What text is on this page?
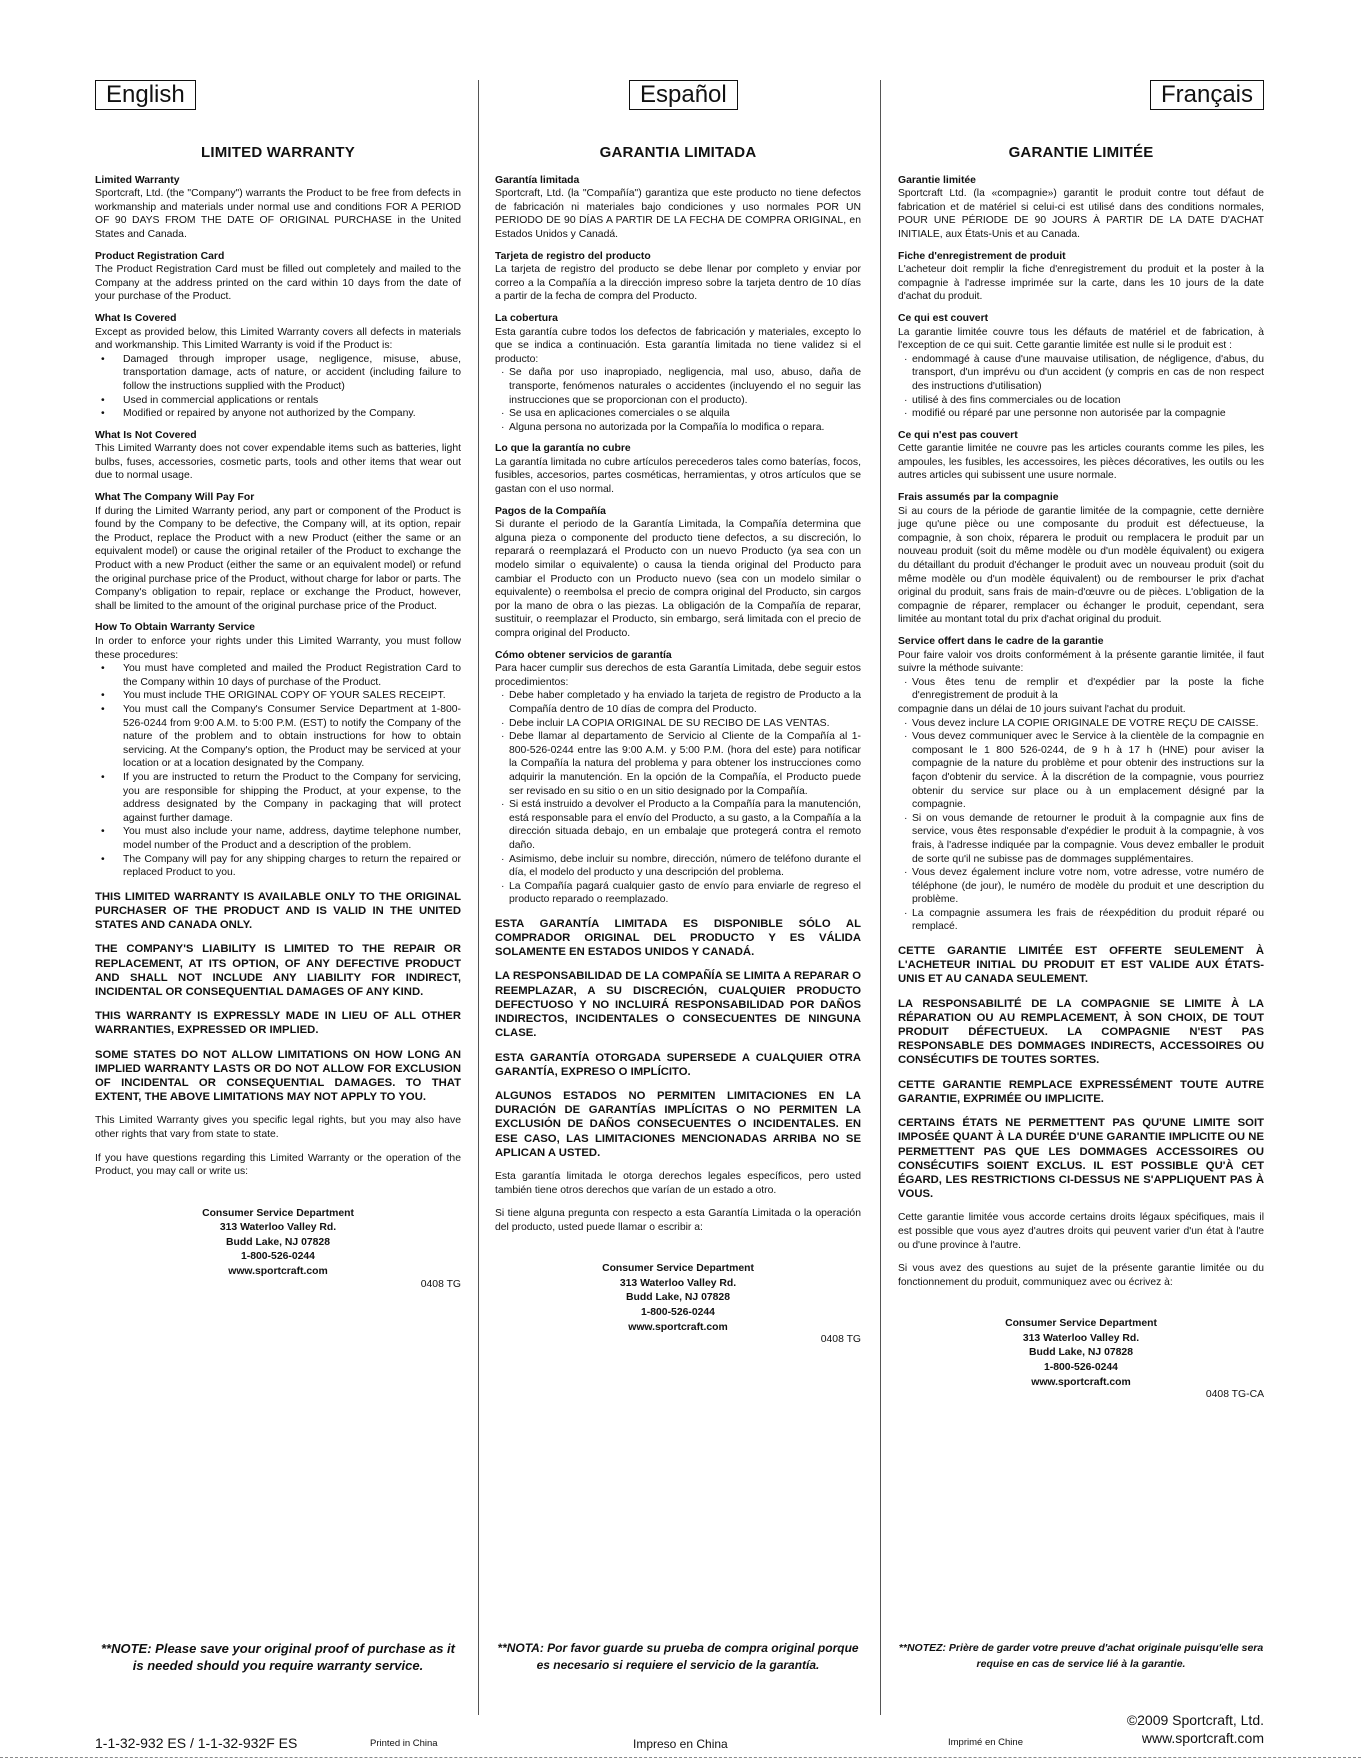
English
LIMITED WARRANTY
Limited Warranty
Sportcraft, Ltd. (the "Company") warrants the Product to be free from defects in workmanship and materials under normal use and conditions FOR A PERIOD OF 90 DAYS FROM THE DATE OF ORIGINAL PURCHASE in the United States and Canada.
Product Registration Card
The Product Registration Card must be filled out completely and mailed to the Company at the address printed on the card within 10 days from the date of your purchase of the Product.
What Is Covered
Except as provided below, this Limited Warranty covers all defects in materials and workmanship. This Limited Warranty is void if the Product is:
• Damaged through improper usage, negligence, misuse, abuse, transportation damage, acts of nature, or accident (including failure to follow the instructions supplied with the Product)
• Used in commercial applications or rentals
• Modified or repaired by anyone not authorized by the Company.
What Is Not Covered
This Limited Warranty does not cover expendable items such as batteries, light bulbs, fuses, accessories, cosmetic parts, tools and other items that wear out due to normal usage.
What The Company Will Pay For
If during the Limited Warranty period, any part or component of the Product is found by the Company to be defective, the Company will, at its option, repair the Product, replace the Product with a new Product (either the same or an equivalent model) or cause the original retailer of the Product to exchange the Product with a new Product (either the same or an equivalent model) or refund the original purchase price of the Product, without charge for labor or parts. The Company's obligation to repair, replace or exchange the Product, however, shall be limited to the amount of the original purchase price of the Product.
How To Obtain Warranty Service
In order to enforce your rights under this Limited Warranty, you must follow these procedures:
• You must have completed and mailed the Product Registration Card to the Company within 10 days of purchase of the Product.
• You must include THE ORIGINAL COPY OF YOUR SALES RECEIPT.
• You must call the Company's Consumer Service Department at 1-800-526-0244 from 9:00 A.M. to 5:00 P.M. (EST) to notify the Company of the nature of the problem and to obtain instructions for how to obtain servicing. At the Company's option, the Product may be serviced at your location or at a location designated by the Company.
• If you are instructed to return the Product to the Company for servicing, you are responsible for shipping the Product, at your expense, to the address designated by the Company in packaging that will protect against further damage.
• You must also include your name, address, daytime telephone number, model number of the Product and a description of the problem.
• The Company will pay for any shipping charges to return the repaired or replaced Product to you.
THIS LIMITED WARRANTY IS AVAILABLE ONLY TO THE ORIGINAL PURCHASER OF THE PRODUCT AND IS VALID IN THE UNITED STATES AND CANADA ONLY.
THE COMPANY'S LIABILITY IS LIMITED TO THE REPAIR OR REPLACEMENT, AT ITS OPTION, OF ANY DEFECTIVE PRODUCT AND SHALL NOT INCLUDE ANY LIABILITY FOR INDIRECT, INCIDENTAL OR CONSEQUENTIAL DAMAGES OF ANY KIND.
THIS WARRANTY IS EXPRESSLY MADE IN LIEU OF ALL OTHER WARRANTIES, EXPRESSED OR IMPLIED.
SOME STATES DO NOT ALLOW LIMITATIONS ON HOW LONG AN IMPLIED WARRANTY LASTS OR DO NOT ALLOW FOR EXCLUSION OF INCIDENTAL OR CONSEQUENTIAL DAMAGES. TO THAT EXTENT, THE ABOVE LIMITATIONS MAY NOT APPLY TO YOU.
This Limited Warranty gives you specific legal rights, but you may also have other rights that vary from state to state.
If you have questions regarding this Limited Warranty or the operation of the Product, you may call or write us:
Consumer Service Department
313 Waterloo Valley Rd.
Budd Lake, NJ 07828
1-800-526-0244
www.sportcraft.com
0408 TG
Español
GARANTIA LIMITADA
Garantía limitada
Sportcraft, Ltd. (la "Compañía") garantiza que este producto no tiene defectos de fabricación ni materiales bajo condiciones y uso normales POR UN PERIODO DE 90 DÍAS A PARTIR DE LA FECHA DE COMPRA ORIGINAL, en Estados Unidos y Canadá.
Tarjeta de registro del producto
La tarjeta de registro del producto se debe llenar por completo y enviar por correo a la Compañía a la dirección impreso sobre la tarjeta dentro de 10 días a partir de la fecha de compra del Producto.
La cobertura
Esta garantía cubre todos los defectos de fabricación y materiales, excepto lo que se indica a continuación. Esta garantía limitada no tiene validez si el producto:
· Se daña por uso inapropiado, negligencia, mal uso, abuso, daña de transporte, fenómenos naturales o accidentes (incluyendo el no seguir las instrucciones que se proporcionan con el producto).
· Se usa en aplicaciones comerciales o se alquila
· Alguna persona no autorizada por la Compañía lo modifica o repara.
Lo que la garantía no cubre
La garantía limitada no cubre artículos perecederos tales como baterías, focos, fusibles, accesorios, partes cosméticas, herramientas, y otros artículos que se gastan con el uso normal.
Pagos de la Compañía
Si durante el periodo de la Garantía Limitada, la Compañía determina que alguna pieza o componente del producto tiene defectos, a su discreción, lo reparará o reemplazará el Producto con un nuevo Producto (ya sea con un modelo similar o equivalente) o causa la tienda original del Producto para cambiar el Producto con un Producto nuevo (sea con un modelo similar o equivalente) o reembolsa el precio de compra original del Producto, sin cargos por la mano de obra o las piezas. La obligación de la Compañía de reparar, sustituir, o reemplazar el Producto, sin embargo, será limitada con el precio de compra original del Producto.
Cómo obtener servicios de garantía
Para hacer cumplir sus derechos de esta Garantía Limitada, debe seguir estos procedimientos:
· Debe haber completado y ha enviado la tarjeta de registro de Producto a la Compañía dentro de 10 días de compra del Producto.
· Debe incluir LA COPIA ORIGINAL DE SU RECIBO DE LAS VENTAS.
· Debe llamar al departamento de Servicio al Cliente de la Compañía al 1-800-526-0244 entre las 9:00 A.M. y 5:00 P.M. (hora del este) para notificar la Compañía la natura del problema y para obtener los instrucciones como adquirir la manutención. En la opción de la Compañía, el Producto puede ser revisado en su sitio o en un sitio designado por la Compañía.
· Si está instruido a devolver el Producto a la Compañía para la manutención, está responsable para el envío del Producto, a su gasto, a la Compañía a la dirección situada debajo, en un embalaje que protegerá contra el remoto daño.
· Asimismo, debe incluir su nombre, dirección, número de teléfono durante el día, el modelo del producto y una descripción del problema.
· La Compañía pagará cualquier gasto de envío para enviarle de regreso el producto reparado o reemplazado.
ESTA GARANTÍA LIMITADA ES DISPONIBLE SÓLO AL COMPRADOR ORIGINAL DEL PRODUCTO Y ES VÁLIDA SOLAMENTE EN ESTADOS UNIDOS Y CANADÁ.
LA RESPONSABILIDAD DE LA COMPAÑÍA SE LIMITA A REPARAR O REEMPLAZAR, A SU DISCRECIÓN, CUALQUIER PRODUCTO DEFECTUOSO Y NO INCLUIRÁ RESPONSABILIDAD POR DAÑOS INDIRECTOS, INCIDENTALES O CONSECUENTES DE NINGUNA CLASE.
ESTA GARANTÍA OTORGADA SUPERSEDE A CUALQUIER OTRA GARANTÍA, EXPRESO O IMPLÍCITO.
ALGUNOS ESTADOS NO PERMITEN LIMITACIONES EN LA DURACIÓN DE GARANTÍAS IMPLÍCITAS O NO PERMITEN LA EXCLUSIÓN DE DAÑOS CONSECUENTES O INCIDENTALES. EN ESE CASO, LAS LIMITACIONES MENCIONADAS ARRIBA NO SE APLICAN A USTED.
Esta garantía limitada le otorga derechos legales específicos, pero usted también tiene otros derechos que varían de un estado a otro.
Si tiene alguna pregunta con respecto a esta Garantía Limitada o la operación del producto, usted puede llamar o escribir a:
Consumer Service Department
313 Waterloo Valley Rd.
Budd Lake, NJ 07828
1-800-526-0244
www.sportcraft.com
0408 TG
Français
GARANTIE LIMITÉE
Garantie limitée
Sportcraft Ltd. (la «compagnie») garantit le produit contre tout défaut de fabrication et de matériel si celui-ci est utilisé dans des conditions normales, POUR UNE PÉRIODE DE 90 JOURS À PARTIR DE LA DATE D'ACHAT INITIALE, aux États-Unis et au Canada.
Fiche d'enregistrement de produit
L'acheteur doit remplir la fiche d'enregistrement du produit et la poster à la compagnie à l'adresse imprimée sur la carte, dans les 10 jours de la date d'achat du produit.
Ce qui est couvert
La garantie limitée couvre tous les défauts de matériel et de fabrication, à l'exception de ce qui suit. Cette garantie limitée est nulle si le produit est :
· endommagé à cause d'une mauvaise utilisation, de négligence, d'abus, du transport, d'un imprévu ou d'un accident (y compris en cas de non respect des instructions d'utilisation)
· utilisé à des fins commerciales ou de location
· modifié ou réparé par une personne non autorisée par la compagnie
Ce qui n'est pas couvert
Cette garantie limitée ne couvre pas les articles courants comme les piles, les ampoules, les fusibles, les accessoires, les pièces décoratives, les outils ou les autres articles qui subissent une usure normale.
Frais assumés par la compagnie
Si au cours de la période de garantie limitée de la compagnie, cette dernière juge qu'une pièce ou une composante du produit est défectueuse, la compagnie, à son choix, réparera le produit ou remplacera le produit par un nouveau produit (soit du même modèle ou d'un modèle équivalent) ou exigera du détaillant du produit d'échanger le produit avec un nouveau produit (soit du même modèle ou d'un modèle équivalent) ou de rembourser le prix d'achat original du produit, sans frais de main-d'œuvre ou de pièces. L'obligation de la compagnie de réparer, remplacer ou échanger le produit, cependant, sera limitée au montant total du prix d'achat original du produit.
Service offert dans le cadre de la garantie
Pour faire valoir vos droits conformément à la présente garantie limitée, il faut suivre la méthode suivante:
· Vous êtes tenu de remplir et d'expédier par la poste la fiche d'enregistrement de produit à la
compagnie dans un délai de 10 jours suivant l'achat du produit.
· Vous devez inclure LA COPIE ORIGINALE DE VOTRE REÇU DE CAISSE.
· Vous devez communiquer avec le Service à la clientèle de la compagnie en composant le 1 800 526-0244, de 9 h à 17 h (HNE) pour aviser la compagnie de la nature du problème et pour obtenir des instructions sur la façon d'obtenir du service. À la discrétion de la compagnie, vous pourriez obtenir du service sur place ou à un emplacement désigné par la compagnie.
· Si on vous demande de retourner le produit à la compagnie aux fins de service, vous êtes responsable d'expédier le produit à la compagnie, à vos frais, à l'adresse indiquée par la compagnie. Vous devez emballer le produit de sorte qu'il ne subisse pas de dommages supplémentaires.
· Vous devez également inclure votre nom, votre adresse, votre numéro de téléphone (de jour), le numéro de modèle du produit et une description du problème.
· La compagnie assumera les frais de réexpédition du produit réparé ou remplacé.
CETTE GARANTIE LIMITÉE EST OFFERTE SEULEMENT À L'ACHETEUR INITIAL DU PRODUIT ET EST VALIDE AUX ÉTATS-UNIS ET AU CANADA SEULEMENT.
LA RESPONSABILITÉ DE LA COMPAGNIE SE LIMITE À LA RÉPARATION OU AU REMPLACEMENT, À SON CHOIX, DE TOUT PRODUIT DÉFECTUEUX. LA COMPAGNIE N'EST PAS RESPONSABLE DES DOMMAGES INDIRECTS, ACCESSOIRES OU CONSÉCUTIFS DE TOUTES SORTES.
CETTE GARANTIE REMPLACE EXPRESSÉMENT TOUTE AUTRE GARANTIE, EXPRIMÉE OU IMPLICITE.
CERTAINS ÉTATS NE PERMETTENT PAS QU'UNE LIMITE SOIT IMPOSÉE QUANT À LA DURÉE D'UNE GARANTIE IMPLICITE OU NE PERMETTENT PAS QUE LES DOMMAGES ACCESSOIRES OU CONSÉCUTIFS SOIENT EXCLUS. IL EST POSSIBLE QU'À CET ÉGARD, LES RESTRICTIONS CI-DESSUS NE S'APPLIQUENT PAS À VOUS.
Cette garantie limitée vous accorde certains droits légaux spécifiques, mais il est possible que vous ayez d'autres droits qui peuvent varier d'un état à l'autre ou d'une province à l'autre.
Si vous avez des questions au sujet de la présente garantie limitée ou du fonctionnement du produit, communiquez avec ou écrivez à:
Consumer Service Department
313 Waterloo Valley Rd.
Budd Lake, NJ 07828
1-800-526-0244
www.sportcraft.com
0408 TG-CA
**NOTE: Please save your original proof of purchase as it is needed should you require warranty service.
**NOTA: Por favor guarde su prueba de compra original porque es necesario si requiere el servicio de la garantía.
**NOTEZ: Prière de garder votre preuve d'achat originale puisqu'elle sera requise en cas de service lié à la garantie.
1-1-32-932 ES / 1-1-32-932F ES	Printed in China	Impreso en China	Imprimé en Chine
©2009 Sportcraft, Ltd.
www.sportcraft.com
